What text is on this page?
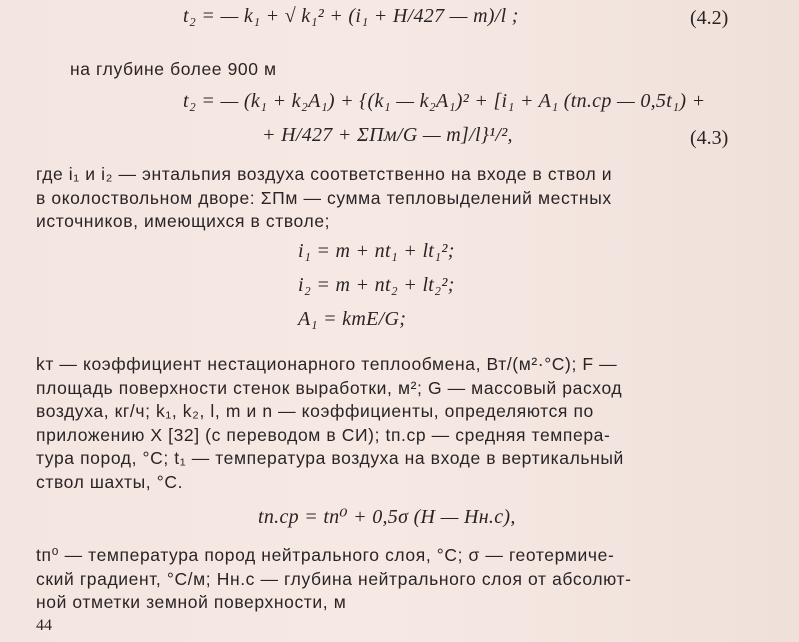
t₂ = — k₁ + √ k₁² + (i₁ + H/427 — m)/l ;	(4.2)
на глубине более 900 м
t₂ = — (k₁ + k₂A₁) + {(k₁ — k₂A₁)² + [i₁ + A₁ (tп.ср — 0,5t₁) +
+ H/427 + ΣΠм/G — m]/l}¹/²,	(4.3)
где i₁ и i₂ — энтальпия воздуха соответственно на входе в ствол и
в околоствольном дворе: ΣΠм — сумма тепловыделений местных
источников, имеющихся в стволе;
i₁ = m + nt₁ + lt₁²;
i₂ = m + nt₂ + lt₂²;
A₁ = kтE/G;
kт — коэффициент нестационарного теплообмена, Вт/(м²·°С); F —
площадь поверхности стенок выработки, м²; G — массовый расход
воздуха, кг/ч; k₁, k₂, l, m и n — коэффициенты, определяются по
приложению Х [32] (с переводом в СИ); tп.ср — средняя темпера-
тура пород, °С; t₁ — температура воздуха на входе в вертикальный
ствол шахты, °С.
tп.ср = tп⁰ + 0,5σ (H — Hн.с),
tп⁰ — температура пород нейтрального слоя, °С; σ — геотермиче-
ский градиент, °С/м; Hн.с — глубина нейтрального слоя от абсолют-
ной отметки земной поверхности, м
44
